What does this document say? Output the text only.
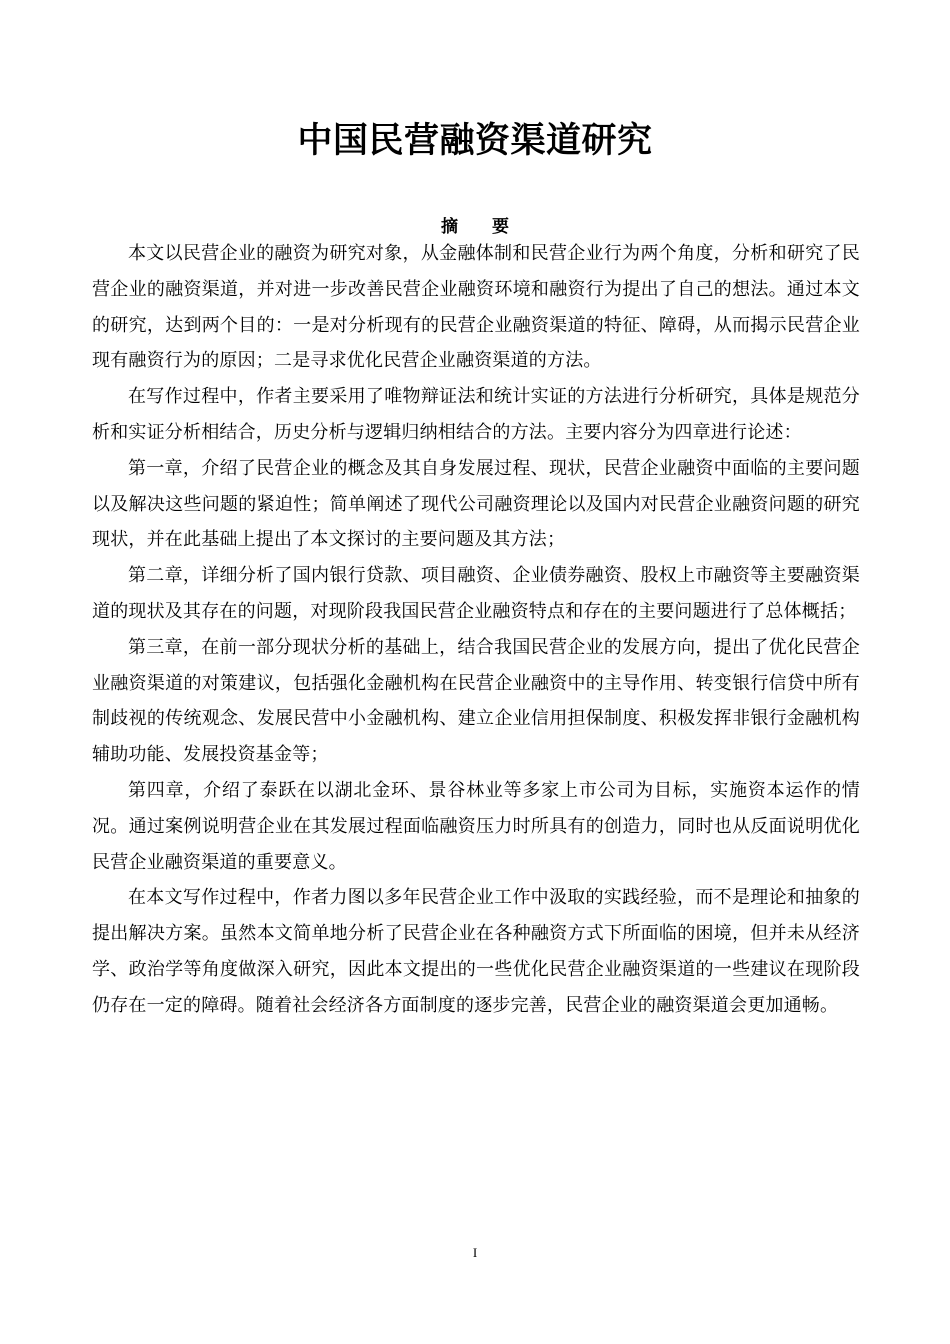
中国民营融资渠道研究
摘要

本文以民营企业的融资为研究对象，从金融体制和民营企业行为两个角度，分析和研究了民营企业的融资渠道，并对进一步改善民营企业融资环境和融资行为提出了自己的想法。通过本文的研究，达到两个目的：一是对分析现有的民营企业融资渠道的特征、障碍，从而揭示民营企业现有融资行为的原因；二是寻求优化民营企业融资渠道的方法。

在写作过程中，作者主要采用了唯物辩证法和统计实证的方法进行分析研究，具体是规范分析和实证分析相结合，历史分析与逻辑归纳相结合的方法。主要内容分为四章进行论述：

第一章，介绍了民营企业的概念及其自身发展过程、现状，民营企业融资中面临的主要问题以及解决这些问题的紧迫性；简单阐述了现代公司融资理论以及国内对民营企业融资问题的研究现状，并在此基础上提出了本文探讨的主要问题及其方法；

第二章，详细分析了国内银行贷款、项目融资、企业债券融资、股权上市融资等主要融资渠道的现状及其存在的问题，对现阶段我国民营企业融资特点和存在的主要问题进行了总体概括；

第三章，在前一部分现状分析的基础上，结合我国民营企业的发展方向，提出了优化民营企业融资渠道的对策建议，包括强化金融机构在民营企业融资中的主导作用、转变银行信贷中所有制歧视的传统观念、发展民营中小金融机构、建立企业信用担保制度、积极发挥非银行金融机构辅助功能、发展投资基金等；

第四章，介绍了泰跃在以湖北金环、景谷林业等多家上市公司为目标，实施资本运作的情况。通过案例说明营企业在其发展过程面临融资压力时所具有的创造力，同时也从反面说明优化民营企业融资渠道的重要意义。

在本文写作过程中，作者力图以多年民营企业工作中汲取的实践经验，而不是理论和抽象的提出解决方案。虽然本文简单地分析了民营企业在各种融资方式下所面临的困境，但并未从经济学、政治学等角度做深入研究，因此本文提出的一些优化民营企业融资渠道的一些建议在现阶段仍存在一定的障碍。随着社会经济各方面制度的逐步完善，民营企业的融资渠道会更加通畅。

I
